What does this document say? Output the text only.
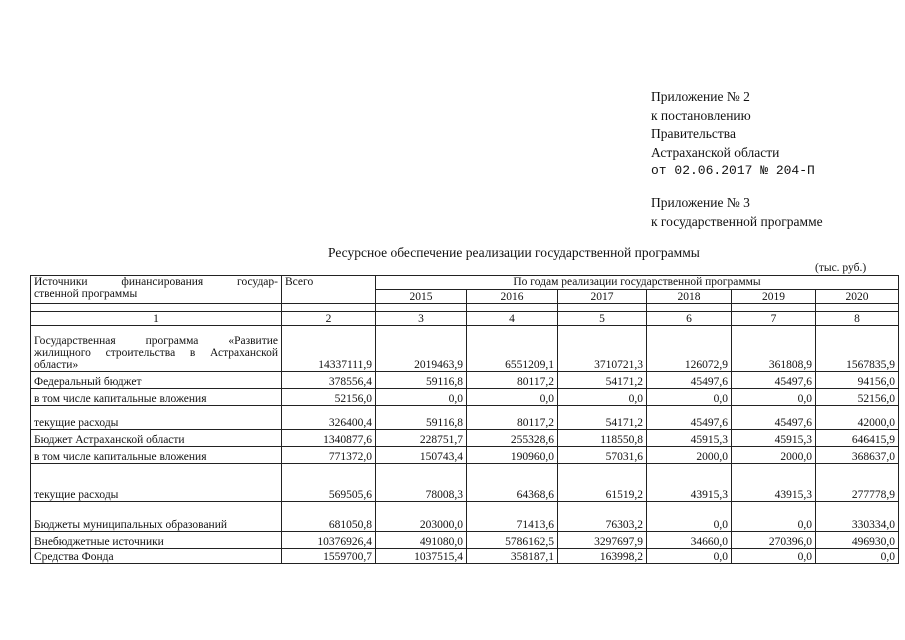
Приложение № 2
к постановлению
Правительства
Астраханской области
от 02.06.2017 № 204-П
Приложение № 3
к государственной программе
Ресурсное обеспечение реализации государственной программы
(тыс. руб.)
Источники финансирования государ-
ственной программы	Всего	По годам реализации государственной программы					
		2015	2016	2017	2018	2019	2020

1	2	3	4	5	6	7	8

Государственная программа «Развитие
жилищного строительства в Астраханской
области»	14337111,9	2019463,9	6551209,1	3710721,3	126072,9	361808,9	1567835,9

Федеральный бюджет	378556,4	59116,8	80117,2	54171,2	45497,6	45497,6	94156,0

в том числе капитальные вложения	52156,0	0,0	0,0	0,0	0,0	0,0	52156,0

текущие расходы	326400,4	59116,8	80117,2	54171,2	45497,6	45497,6	42000,0

Бюджет Астраханской области	1340877,6	228751,7	255328,6	118550,8	45915,3	45915,3	646415,9

в том числе капитальные вложения	771372,0	150743,4	190960,0	57031,6	2000,0	2000,0	368637,0

текущие расходы	569505,6	78008,3	64368,6	61519,2	43915,3	43915,3	277778,9

Бюджеты муниципальных образований	681050,8	203000,0	71413,6	76303,2	0,0	0,0	330334,0

Внебюджетные источники	10376926,4	491080,0	5786162,5	3297697,9	34660,0	270396,0	496930,0

Средства Фонда	1559700,7	1037515,4	358187,1	163998,2	0,0	0,0	0,0
